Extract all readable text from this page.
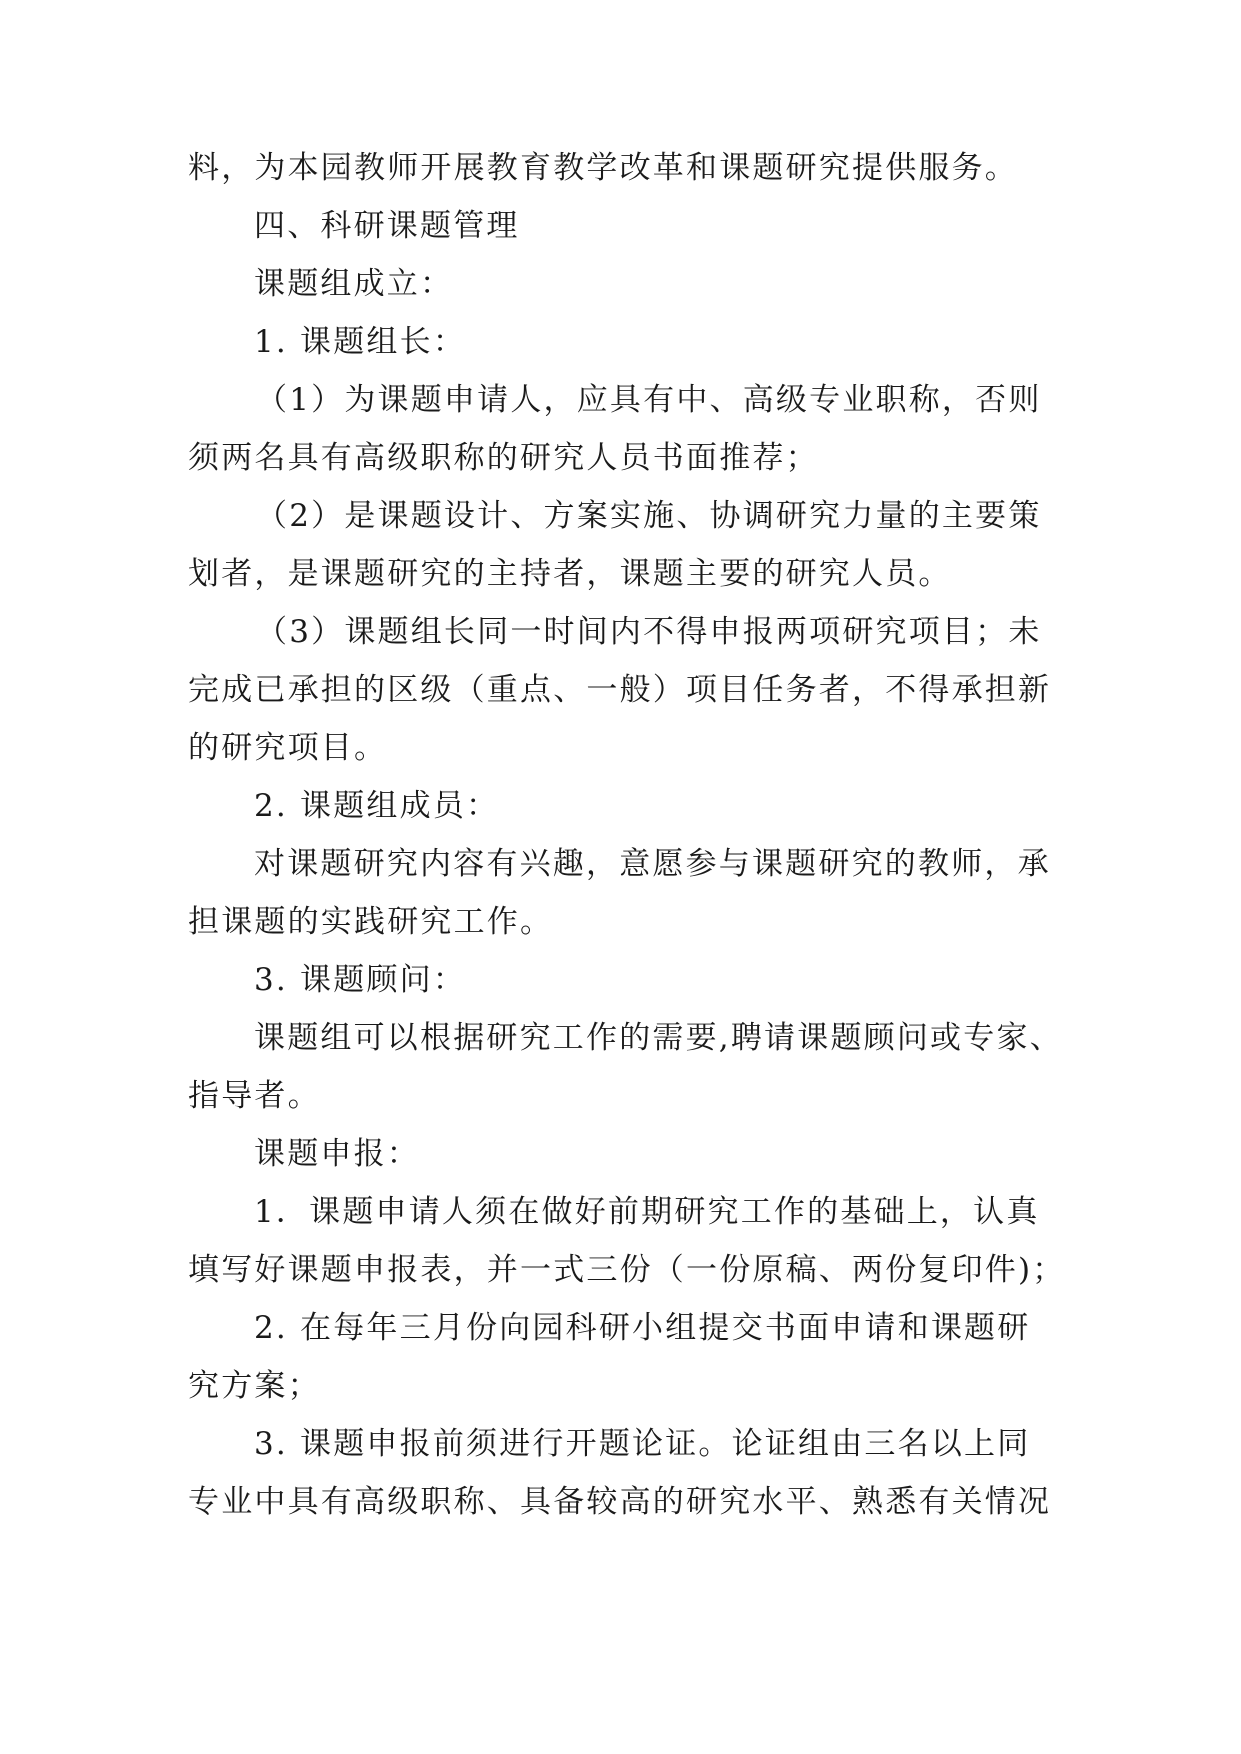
料，为本园教师开展教育教学改革和课题研究提供服务。
四、科研课题管理
课题组成立：
1. 课题组长：
（1）为课题申请人，应具有中、高级专业职称，否则
须两名具有高级职称的研究人员书面推荐；
（2）是课题设计、方案实施、协调研究力量的主要策
划者，是课题研究的主持者，课题主要的研究人员。
（3）课题组长同一时间内不得申报两项研究项目；未
完成已承担的区级（重点、一般）项目任务者，不得承担新
的研究项目。
2. 课题组成员：
对课题研究内容有兴趣，意愿参与课题研究的教师，承
担课题的实践研究工作。
3. 课题顾问：
课题组可以根据研究工作的需要,聘请课题顾问或专家、
指导者。
课题申报：
1．课题申请人须在做好前期研究工作的基础上，认真
填写好课题申报表，并一式三份（一份原稿、两份复印件)；
2. 在每年三月份向园科研小组提交书面申请和课题研
究方案；
3. 课题申报前须进行开题论证。论证组由三名以上同
专业中具有高级职称、具备较高的研究水平、熟悉有关情况
